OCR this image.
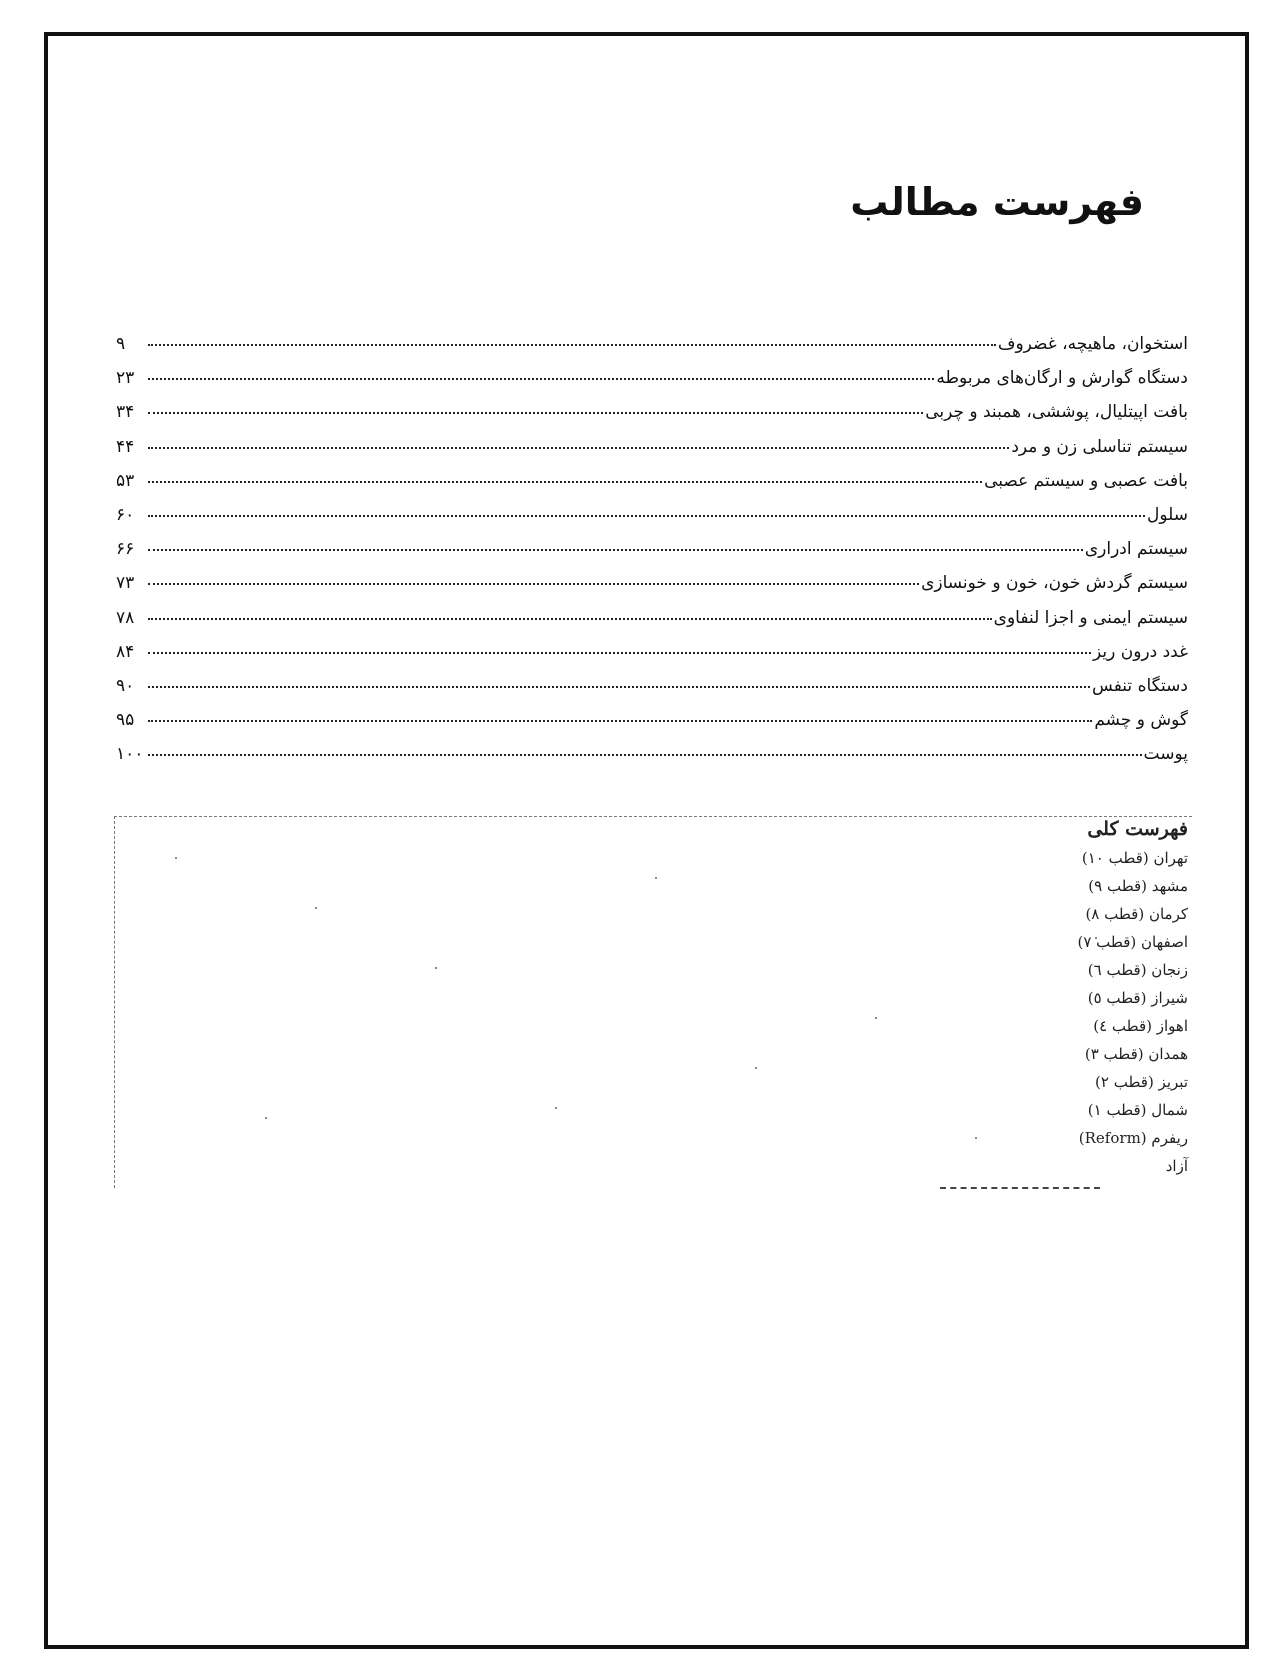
فهرست مطالب
استخوان، ماهیچه، غضروف
۹
دستگاه گوارش و ارگان‌های مربوطه
۲۳
بافت اپیتلیال، پوششی، همبند و چربی
۳۴
سیستم تناسلی زن و مرد
۴۴
بافت عصبی و سیستم عصبی
۵۳
سلول
۶۰
سیستم ادراری
۶۶
سیستم گردش خون، خون و خونسازی
۷۳
سیستم ایمنی و اجزا لنفاوی
۷۸
غدد درون ریز
۸۴
دستگاه تنفس
۹۰
گوش و چشم
۹۵
پوست
۱۰۰
فهرست کلی
تهران (قطب ۱۰)
مشهد (قطب ۹)
کرمان (قطب ۸)
اصفهان (قطب ۷)
زنجان (قطب ٦)
شیراز (قطب ٥)
اهواز (قطب ٤)
همدان (قطب ۳)
تبریز (قطب ۲)
شمال (قطب ۱)
ریفرم (Reform)
آزاد
